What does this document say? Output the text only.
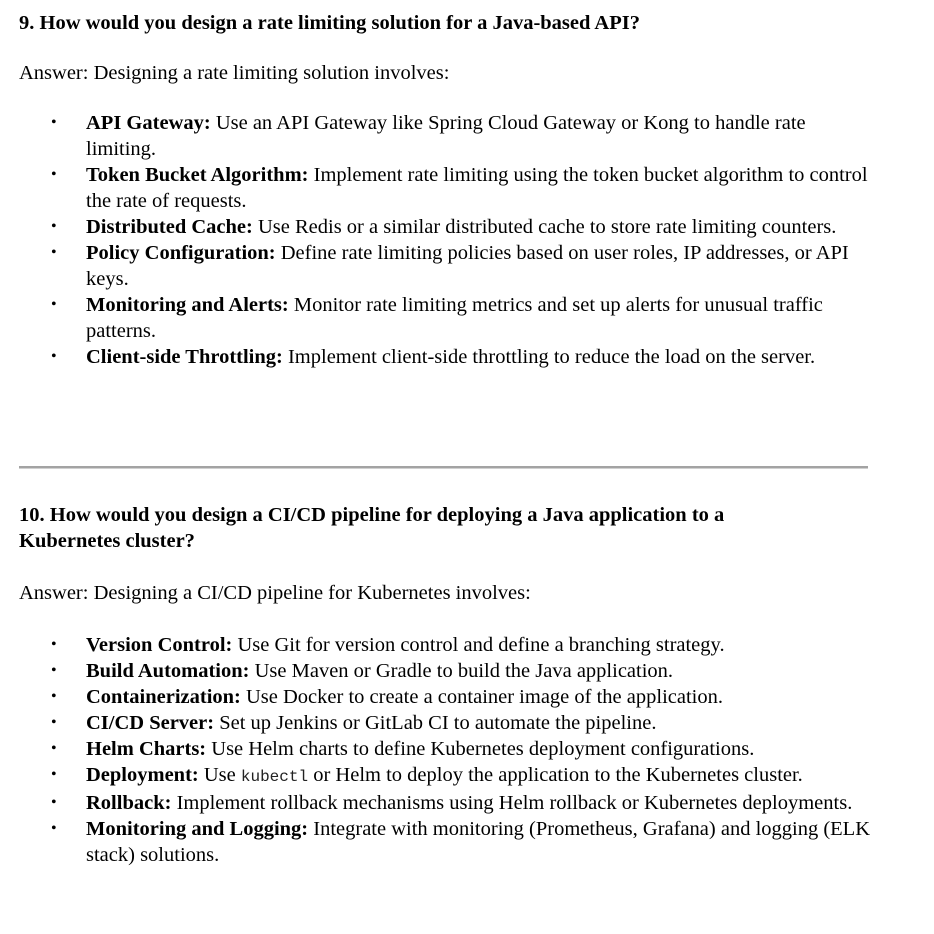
9. How would you design a rate limiting solution for a Java-based API?

Answer: Designing a rate limiting solution involves:

• API Gateway: Use an API Gateway like Spring Cloud Gateway or Kong to handle rate limiting.
• Token Bucket Algorithm: Implement rate limiting using the token bucket algorithm to control the rate of requests.
• Distributed Cache: Use Redis or a similar distributed cache to store rate limiting counters.
• Policy Configuration: Define rate limiting policies based on user roles, IP addresses, or API keys.
• Monitoring and Alerts: Monitor rate limiting metrics and set up alerts for unusual traffic patterns.
• Client-side Throttling: Implement client-side throttling to reduce the load on the server.
10. How would you design a CI/CD pipeline for deploying a Java application to a Kubernetes cluster?

Answer: Designing a CI/CD pipeline for Kubernetes involves:

• Version Control: Use Git for version control and define a branching strategy.
• Build Automation: Use Maven or Gradle to build the Java application.
• Containerization: Use Docker to create a container image of the application.
• CI/CD Server: Set up Jenkins or GitLab CI to automate the pipeline.
• Helm Charts: Use Helm charts to define Kubernetes deployment configurations.
• Deployment: Use kubectl or Helm to deploy the application to the Kubernetes cluster.
• Rollback: Implement rollback mechanisms using Helm rollback or Kubernetes deployments.
• Monitoring and Logging: Integrate with monitoring (Prometheus, Grafana) and logging (ELK stack) solutions.
